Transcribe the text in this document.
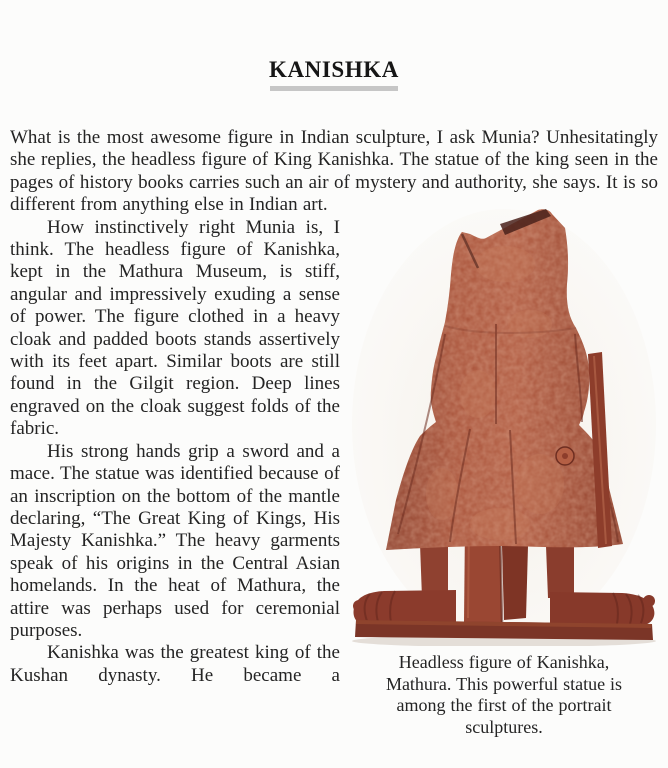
KANISHKA

What is the most awesome figure in Indian sculpture, I ask Munia? Unhesitatingly she replies, the headless figure of King Kanishka. The statue of the king seen in the pages of history books carries such an air of mystery and
Headless figure of Kanishka, Mathura. This powerful statue is among the first of the portrait sculptures.
authority, she says. It is so different from anything else in Indian art.

How instinctively right Munia is, I think. The headless figure of Kanishka, kept in the Mathura Museum, is stiff, angular and impressively exuding a sense of power. The figure clothed in a heavy cloak and padded boots stands assertively with its feet apart. Similar boots are still found in the Gilgit region. Deep lines engraved on the cloak suggest folds of the fabric.

His strong hands grip a sword and a mace. The statue was identified because of an inscription on the bottom of the mantle declaring, “The Great King of Kings, His Majesty Kanishka.” The heavy garments speak of his origins in the Central Asian homelands. In the heat of Mathura, the attire was perhaps used for ceremonial purposes.

Kanishka was the greatest king of the Kushan dynasty. He became a
